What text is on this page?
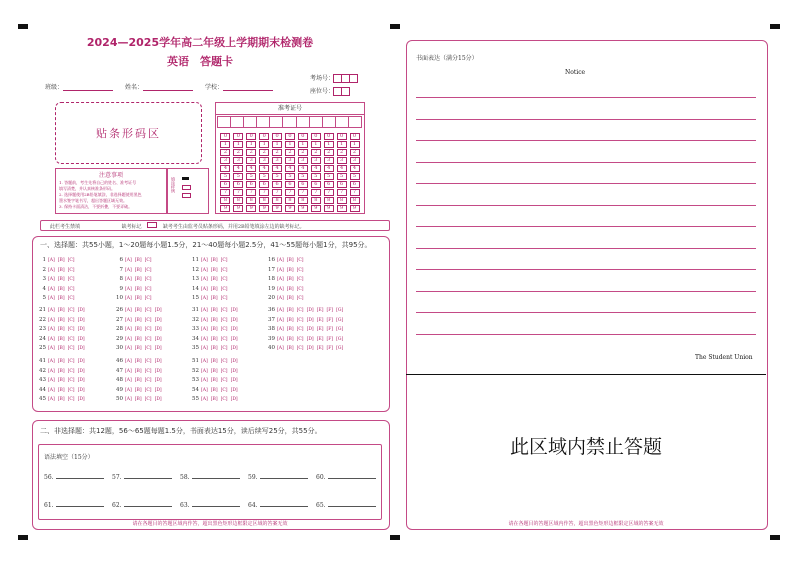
2024—2025学年高二年级上学期期末检测卷
英语　答题卡
班级：	姓名：	学校：
考场号：
座位号：
贴条形码区
准考证号
0	0	0	0	0	0	0	0	0	0	0
1	1	1	1	1	1	1	1	1	1	1
2	2	2	2	2	2	2	2	2	2	2
3	3	3	3	3	3	3	3	3	3	3
4	4	4	4	4	4	4	4	4	4	4
5	5	5	5	5	5	5	5	5	5	5
6	6	6	6	6	6	6	6	6	6	6
7	7	7	7	7	7	7	7	7	7	7
8	8	8	8	8	8	8	8	8	8	8
9	9	9	9	9	9	9	9	9	9	9
注意事项
1. 答题前，考生先将自己的姓名、准考证号
填写清楚，并认真核准条形码。
2. 选择题使用2B铅笔填涂，非选择题使用黑色
墨水签字笔书写，超出答题区域无效。
3. 保持卡面清洁，不要折叠，不要弄破。
填涂样例
此栏考生禁填	缺考标记	缺考考生由监考员贴条形码，并用2B铅笔填涂左边的缺考标记。
一、选择题：共55小题，1～20题每小题1.5分，21～40题每小题2.5分，41～55题每小题1分，共95分。
1 [A] [B] [C]
2 [A] [B] [C]
3 [A] [B] [C]
4 [A] [B] [C]
5 [A] [B] [C]
6 [A] [B] [C]
7 [A] [B] [C]
8 [A] [B] [C]
9 [A] [B] [C]
10 [A] [B] [C]
11 [A] [B] [C]
12 [A] [B] [C]
13 [A] [B] [C]
14 [A] [B] [C]
15 [A] [B] [C]
16 [A] [B] [C]
17 [A] [B] [C]
18 [A] [B] [C]
19 [A] [B] [C]
20 [A] [B] [C]
21 [A] [B] [C] [D]
22 [A] [B] [C] [D]
23 [A] [B] [C] [D]
24 [A] [B] [C] [D]
25 [A] [B] [C] [D]
26 [A] [B] [C] [D]
27 [A] [B] [C] [D]
28 [A] [B] [C] [D]
29 [A] [B] [C] [D]
30 [A] [B] [C] [D]
31 [A] [B] [C] [D]
32 [A] [B] [C] [D]
33 [A] [B] [C] [D]
34 [A] [B] [C] [D]
35 [A] [B] [C] [D]
36 [A] [B] [C] [D] [E] [F] [G]
37 [A] [B] [C] [D] [E] [F] [G]
38 [A] [B] [C] [D] [E] [F] [G]
39 [A] [B] [C] [D] [E] [F] [G]
40 [A] [B] [C] [D] [E] [F] [G]
41 [A] [B] [C] [D]
42 [A] [B] [C] [D]
43 [A] [B] [C] [D]
44 [A] [B] [C] [D]
45 [A] [B] [C] [D]
46 [A] [B] [C] [D]
47 [A] [B] [C] [D]
48 [A] [B] [C] [D]
49 [A] [B] [C] [D]
50 [A] [B] [C] [D]
51 [A] [B] [C] [D]
52 [A] [B] [C] [D]
53 [A] [B] [C] [D]
54 [A] [B] [C] [D]
55 [A] [B] [C] [D]
二、非选择题：共12题，56～65题每题1.5分，书面表达15分，读后续写25分，共55分。
语法填空（15分）
56.	57.	58.	59.	60.
61.	62.	63.	64.	65.
请在各题目的答题区域内作答，超出黑色矩形边框限定区域的答案无效
书面表达（满分15分）
Notice
The Student Union
此区域内禁止答题
请在各题目的答题区域内作答，超出黑色矩形边框限定区域的答案无效
